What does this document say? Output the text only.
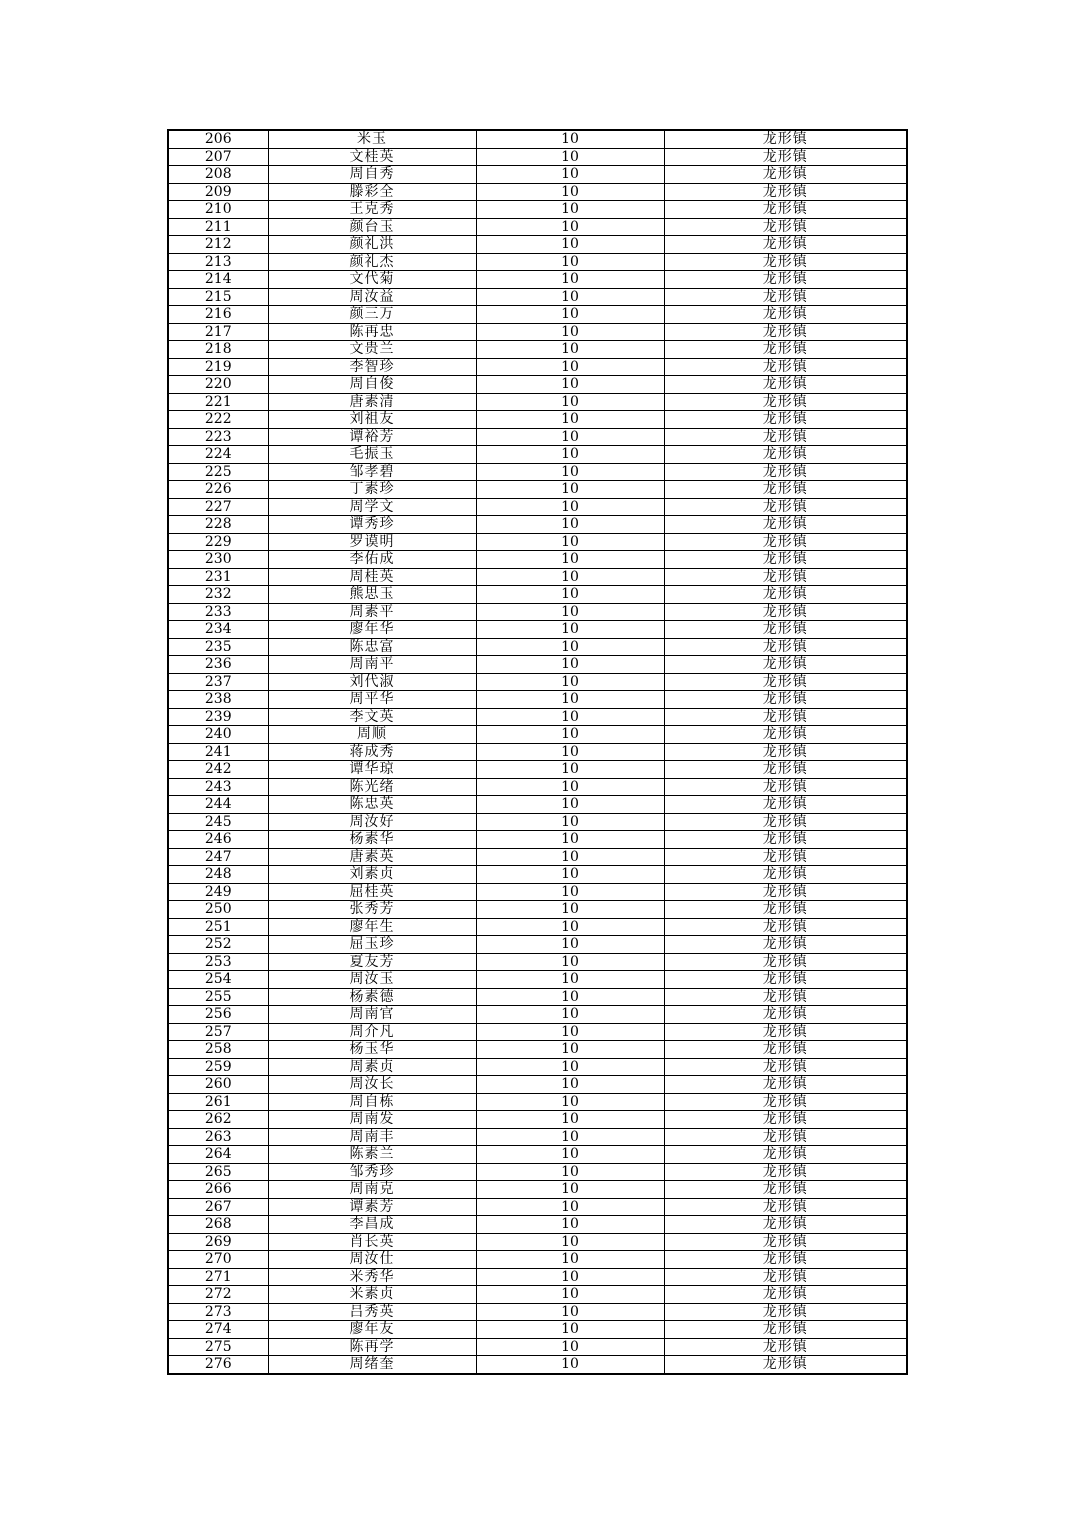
206	米玉	10	龙形镇
207	文桂英	10	龙形镇
208	周自秀	10	龙形镇
209	滕彩全	10	龙形镇
210	王克秀	10	龙形镇
211	颜台玉	10	龙形镇
212	颜礼洪	10	龙形镇
213	颜礼杰	10	龙形镇
214	文代菊	10	龙形镇
215	周汝益	10	龙形镇
216	颜三万	10	龙形镇
217	陈再忠	10	龙形镇
218	文贵兰	10	龙形镇
219	李智珍	10	龙形镇
220	周自俊	10	龙形镇
221	唐素清	10	龙形镇
222	刘祖友	10	龙形镇
223	谭裕芳	10	龙形镇
224	毛振玉	10	龙形镇
225	邹孝碧	10	龙形镇
226	丁素珍	10	龙形镇
227	周学文	10	龙形镇
228	谭秀珍	10	龙形镇
229	罗谟明	10	龙形镇
230	李佑成	10	龙形镇
231	周桂英	10	龙形镇
232	熊思玉	10	龙形镇
233	周素平	10	龙形镇
234	廖年华	10	龙形镇
235	陈忠富	10	龙形镇
236	周南平	10	龙形镇
237	刘代淑	10	龙形镇
238	周平华	10	龙形镇
239	李文英	10	龙形镇
240	周顺	10	龙形镇
241	蒋成秀	10	龙形镇
242	谭华琼	10	龙形镇
243	陈光绪	10	龙形镇
244	陈忠英	10	龙形镇
245	周汝好	10	龙形镇
246	杨素华	10	龙形镇
247	唐素英	10	龙形镇
248	刘素贞	10	龙形镇
249	屈桂英	10	龙形镇
250	张秀芳	10	龙形镇
251	廖年生	10	龙形镇
252	屈玉珍	10	龙形镇
253	夏友芳	10	龙形镇
254	周汝玉	10	龙形镇
255	杨素德	10	龙形镇
256	周南官	10	龙形镇
257	周介凡	10	龙形镇
258	杨玉华	10	龙形镇
259	周素贞	10	龙形镇
260	周汝长	10	龙形镇
261	周自栋	10	龙形镇
262	周南发	10	龙形镇
263	周南丰	10	龙形镇
264	陈素兰	10	龙形镇
265	邹秀珍	10	龙形镇
266	周南克	10	龙形镇
267	谭素芳	10	龙形镇
268	李昌成	10	龙形镇
269	肖长英	10	龙形镇
270	周汝仕	10	龙形镇
271	米秀华	10	龙形镇
272	米素贞	10	龙形镇
273	吕秀英	10	龙形镇
274	廖年友	10	龙形镇
275	陈再学	10	龙形镇
276	周绪奎	10	龙形镇
